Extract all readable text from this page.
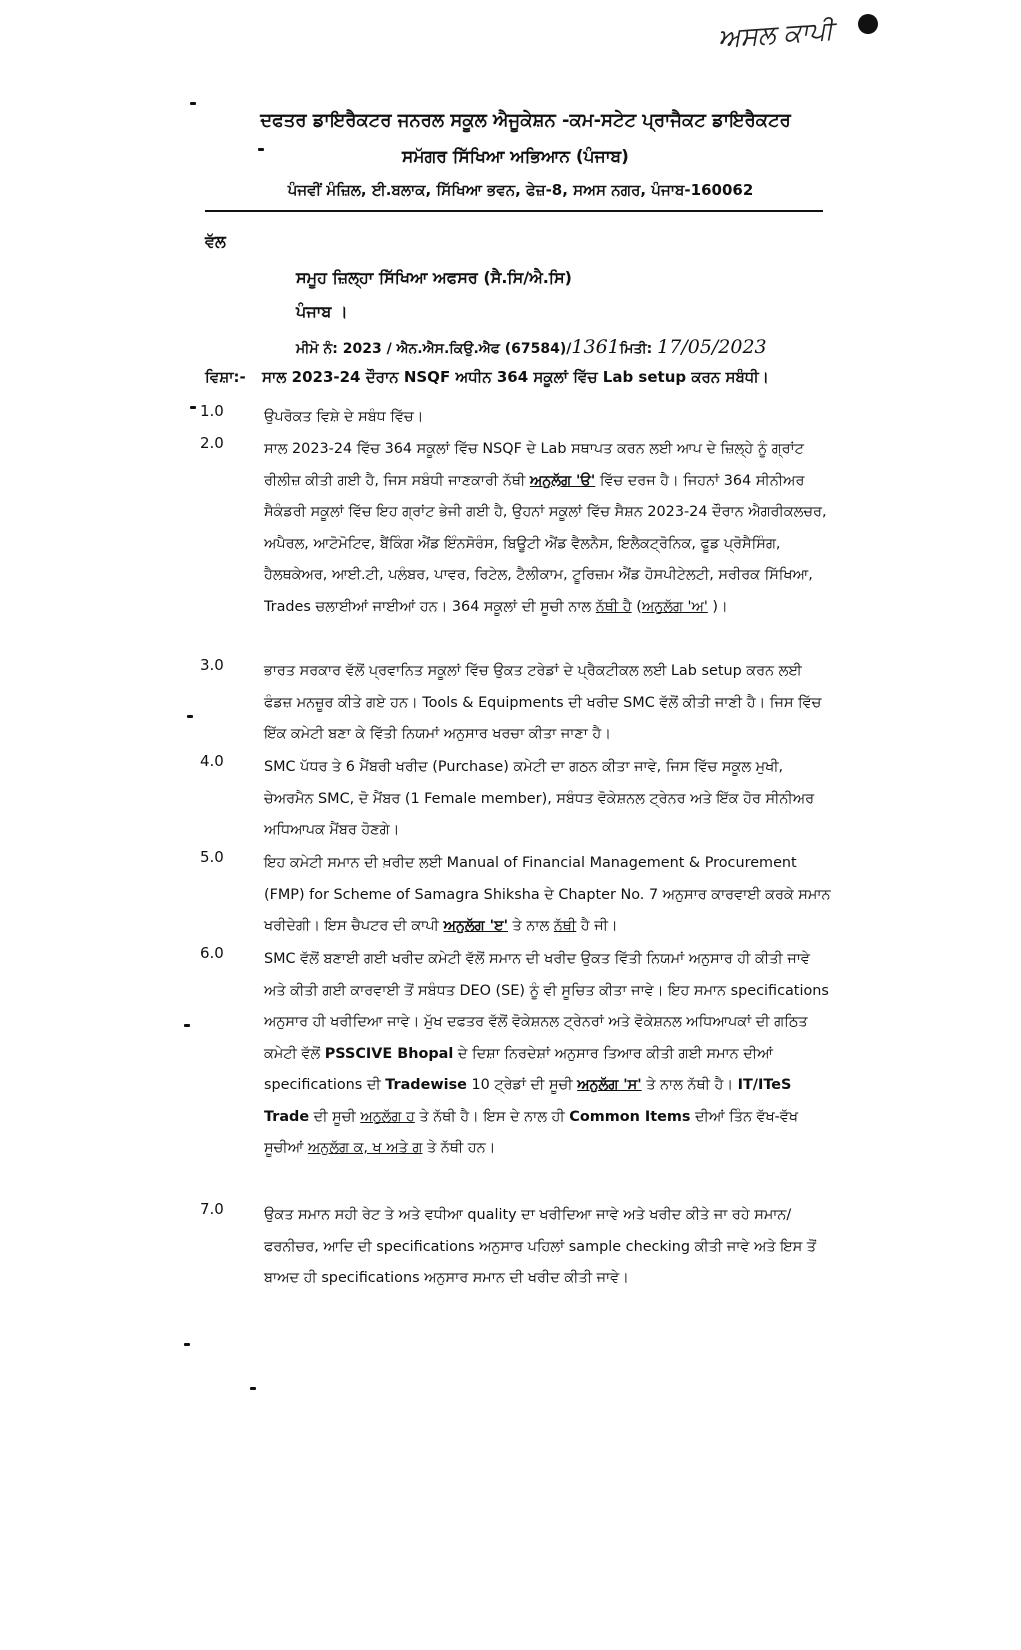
ਅਸਲ ਕਾਪੀ
ਦਫਤਰ ਡਾਇਰੈਕਟਰ ਜਨਰਲ ਸਕੂਲ ਐਜੂਕੇਸ਼ਨ -ਕਮ-ਸਟੇਟ ਪ੍ਰਾਜੈਕਟ ਡਾਇਰੈਕਟਰ
ਸਮੱਗਰ ਸਿੱਖਿਆ ਅਭਿਆਨ (ਪੰਜਾਬ)
ਪੰਜਵੀਂ ਮੰਜ਼ਿਲ, ਈ.ਬਲਾਕ, ਸਿੱਖਿਆ ਭਵਨ, ਫੇਜ਼-8, ਸਅਸ ਨਗਰ, ਪੰਜਾਬ-160062
ਵੱਲ
ਸਮੂਹ ਜ਼ਿਲ੍ਹਾ ਸਿੱਖਿਆ ਅਫਸਰ (ਸੈ.ਸਿ/ਐ.ਸਿ)
ਪੰਜਾਬ ।
ਮੀਮੋ ਨੰ: 2023 / ਐਨ.ਐਸ.ਕਿਉ.ਐਫ (67584)/1361ਮਿਤੀ: 17/05/2023
ਵਿਸ਼ਾ:- ਸਾਲ 2023-24 ਦੌਰਾਨ NSQF ਅਧੀਨ 364 ਸਕੂਲਾਂ ਵਿੱਚ Lab setup ਕਰਨ ਸਬੰਧੀ।
1.0	ਉਪਰੋਕਤ ਵਿਸ਼ੇ ਦੇ ਸਬੰਧ ਵਿੱਚ।
2.0	ਸਾਲ 2023-24 ਵਿੱਚ 364 ਸਕੂਲਾਂ ਵਿੱਚ NSQF ਦੇ Lab ਸਥਾਪਤ ਕਰਨ ਲਈ ਆਪ ਦੇ ਜ਼ਿਲ੍ਹੇ ਨੂੰ ਗ੍ਰਾਂਟ ਰੀਲੀਜ਼ ਕੀਤੀ ਗਈ ਹੈ, ਜਿਸ ਸਬੰਧੀ ਜਾਣਕਾਰੀ ਨੱਥੀ ਅਨੁਲੱਗ 'ੳ' ਵਿੱਚ ਦਰਜ ਹੈ। ਜਿਹਨਾਂ 364 ਸੀਨੀਅਰ ਸੈਕੰਡਰੀ ਸਕੂਲਾਂ ਵਿੱਚ ਇਹ ਗ੍ਰਾਂਟ ਭੇਜੀ ਗਈ ਹੈ, ਉਹਨਾਂ ਸਕੂਲਾਂ ਵਿੱਚ ਸੈਸ਼ਨ 2023-24 ਦੌਰਾਨ ਐਗਰੀਕਲਚਰ, ਅਪੈਰਲ, ਆਟੋਮੋਟਿਵ, ਬੈਂਕਿੰਗ ਐਂਡ ਇੰਨਸੋਰੰਸ, ਬਿਊਟੀ ਐਂਡ ਵੈਲਨੈਸ, ਇਲੈਕਟ੍ਰੋਨਿਕ, ਫੂਡ ਪ੍ਰੋਸੈਸਿੰਗ, ਹੈਲਥਕੇਅਰ, ਆਈ.ਟੀ, ਪਲੰਬਰ, ਪਾਵਰ, ਰਿਟੇਲ, ਟੈਲੀਕਾਮ, ਟੂਰਿਜ਼ਮ ਐਂਡ ਹੋਸਪੀਟੇਲਟੀ, ਸਰੀਰਕ ਸਿੱਖਿਆ, Trades ਚਲਾਈਆਂ ਜਾਈਆਂ ਹਨ। 364 ਸਕੂਲਾਂ ਦੀ ਸੂਚੀ ਨਾਲ ਨੱਥੀ ਹੈ (ਅਨੁਲੱਗ 'ਅ' )।
3.0	ਭਾਰਤ ਸਰਕਾਰ ਵੱਲੋਂ ਪ੍ਰਵਾਨਿਤ ਸਕੂਲਾਂ ਵਿੱਚ ਉਕਤ ਟਰੇਡਾਂ ਦੇ ਪ੍ਰੈਕਟੀਕਲ ਲਈ Lab setup ਕਰਨ ਲਈ ਫੰਡਜ਼ ਮਨਜ਼ੂਰ ਕੀਤੇ ਗਏ ਹਨ। Tools & Equipments ਦੀ ਖਰੀਦ SMC ਵੱਲੋਂ ਕੀਤੀ ਜਾਣੀ ਹੈ। ਜਿਸ ਵਿੱਚ ਇੱਕ ਕਮੇਟੀ ਬਣਾ ਕੇ ਵਿੱਤੀ ਨਿਯਮਾਂ ਅਨੁਸਾਰ ਖਰਚਾ ਕੀਤਾ ਜਾਣਾ ਹੈ।
4.0	SMC ਪੱਧਰ ਤੇ 6 ਮੈਂਬਰੀ ਖਰੀਦ (Purchase) ਕਮੇਟੀ ਦਾ ਗਠਨ ਕੀਤਾ ਜਾਵੇ, ਜਿਸ ਵਿੱਚ ਸਕੂਲ ਮੁਖੀ, ਚੇਅਰਮੈਨ SMC, ਦੋ ਮੈਂਬਰ (1 Female member), ਸਬੰਧਤ ਵੋਕੇਸ਼ਨਲ ਟ੍ਰੇਨਰ ਅਤੇ ਇੱਕ ਹੋਰ ਸੀਨੀਅਰ ਅਧਿਆਪਕ ਮੈਂਬਰ ਹੋਣਗੇ।
5.0	ਇਹ ਕਮੇਟੀ ਸਮਾਨ ਦੀ ਖ਼ਰੀਦ ਲਈ Manual of Financial Management & Procurement (FMP) for Scheme of Samagra Shiksha ਦੇ Chapter No. 7 ਅਨੁਸਾਰ ਕਾਰਵਾਈ ਕਰਕੇ ਸਮਾਨ ਖਰੀਦੇਗੀ। ਇਸ ਚੈਪਟਰ ਦੀ ਕਾਪੀ ਅਨੁਲੱਗ 'ੲ' ਤੇ ਨਾਲ ਨੱਥੀ ਹੈ ਜੀ।
6.0	SMC ਵੱਲੋਂ ਬਣਾਈ ਗਈ ਖਰੀਦ ਕਮੇਟੀ ਵੱਲੋਂ ਸਮਾਨ ਦੀ ਖਰੀਦ ਉਕਤ ਵਿੱਤੀ ਨਿਯਮਾਂ ਅਨੁਸਾਰ ਹੀ ਕੀਤੀ ਜਾਵੇ ਅਤੇ ਕੀਤੀ ਗਈ ਕਾਰਵਾਈ ਤੋਂ ਸਬੰਧਤ DEO (SE) ਨੂੰ ਵੀ ਸੂਚਿਤ ਕੀਤਾ ਜਾਵੇ। ਇਹ ਸਮਾਨ specifications ਅਨੁਸਾਰ ਹੀ ਖਰੀਦਿਆ ਜਾਵੇ। ਮੁੱਖ ਦਫਤਰ ਵੱਲੋਂ ਵੋਕੇਸ਼ਨਲ ਟ੍ਰੇਨਰਾਂ ਅਤੇ ਵੋਕੇਸ਼ਨਲ ਅਧਿਆਪਕਾਂ ਦੀ ਗਠਿਤ ਕਮੇਟੀ ਵੱਲੋਂ PSSCIVE Bhopal ਦੇ ਦਿਸ਼ਾ ਨਿਰਦੇਸ਼ਾਂ ਅਨੁਸਾਰ ਤਿਆਰ ਕੀਤੀ ਗਈ ਸਮਾਨ ਦੀਆਂ specifications ਦੀ Tradewise 10 ਟ੍ਰੇਡਾਂ ਦੀ ਸੂਚੀ ਅਨੁਲੱਗ 'ਸ' ਤੇ ਨਾਲ ਨੱਥੀ ਹੈ। IT/ITeS Trade ਦੀ ਸੂਚੀ ਅਨੁਲੱਗ ਹ ਤੇ ਨੱਥੀ ਹੈ। ਇਸ ਦੇ ਨਾਲ ਹੀ Common Items ਦੀਆਂ ਤਿੰਨ ਵੱਖ-ਵੱਖ ਸੂਚੀਆਂ ਅਨੁਲੱਗ ਕ, ਖ ਅਤੇ ਗ ਤੇ ਨੱਥੀ ਹਨ।
7.0	ਉਕਤ ਸਮਾਨ ਸਹੀ ਰੇਟ ਤੇ ਅਤੇ ਵਧੀਆ quality ਦਾ ਖਰੀਦਿਆ ਜਾਵੇ ਅਤੇ ਖਰੀਦ ਕੀਤੇ ਜਾ ਰਹੇ ਸਮਾਨ/ਫਰਨੀਚਰ, ਆਦਿ ਦੀ specifications ਅਨੁਸਾਰ ਪਹਿਲਾਂ sample checking ਕੀਤੀ ਜਾਵੇ ਅਤੇ ਇਸ ਤੋਂ ਬਾਅਦ ਹੀ specifications ਅਨੁਸਾਰ ਸਮਾਨ ਦੀ ਖਰੀਦ ਕੀਤੀ ਜਾਵੇ।
